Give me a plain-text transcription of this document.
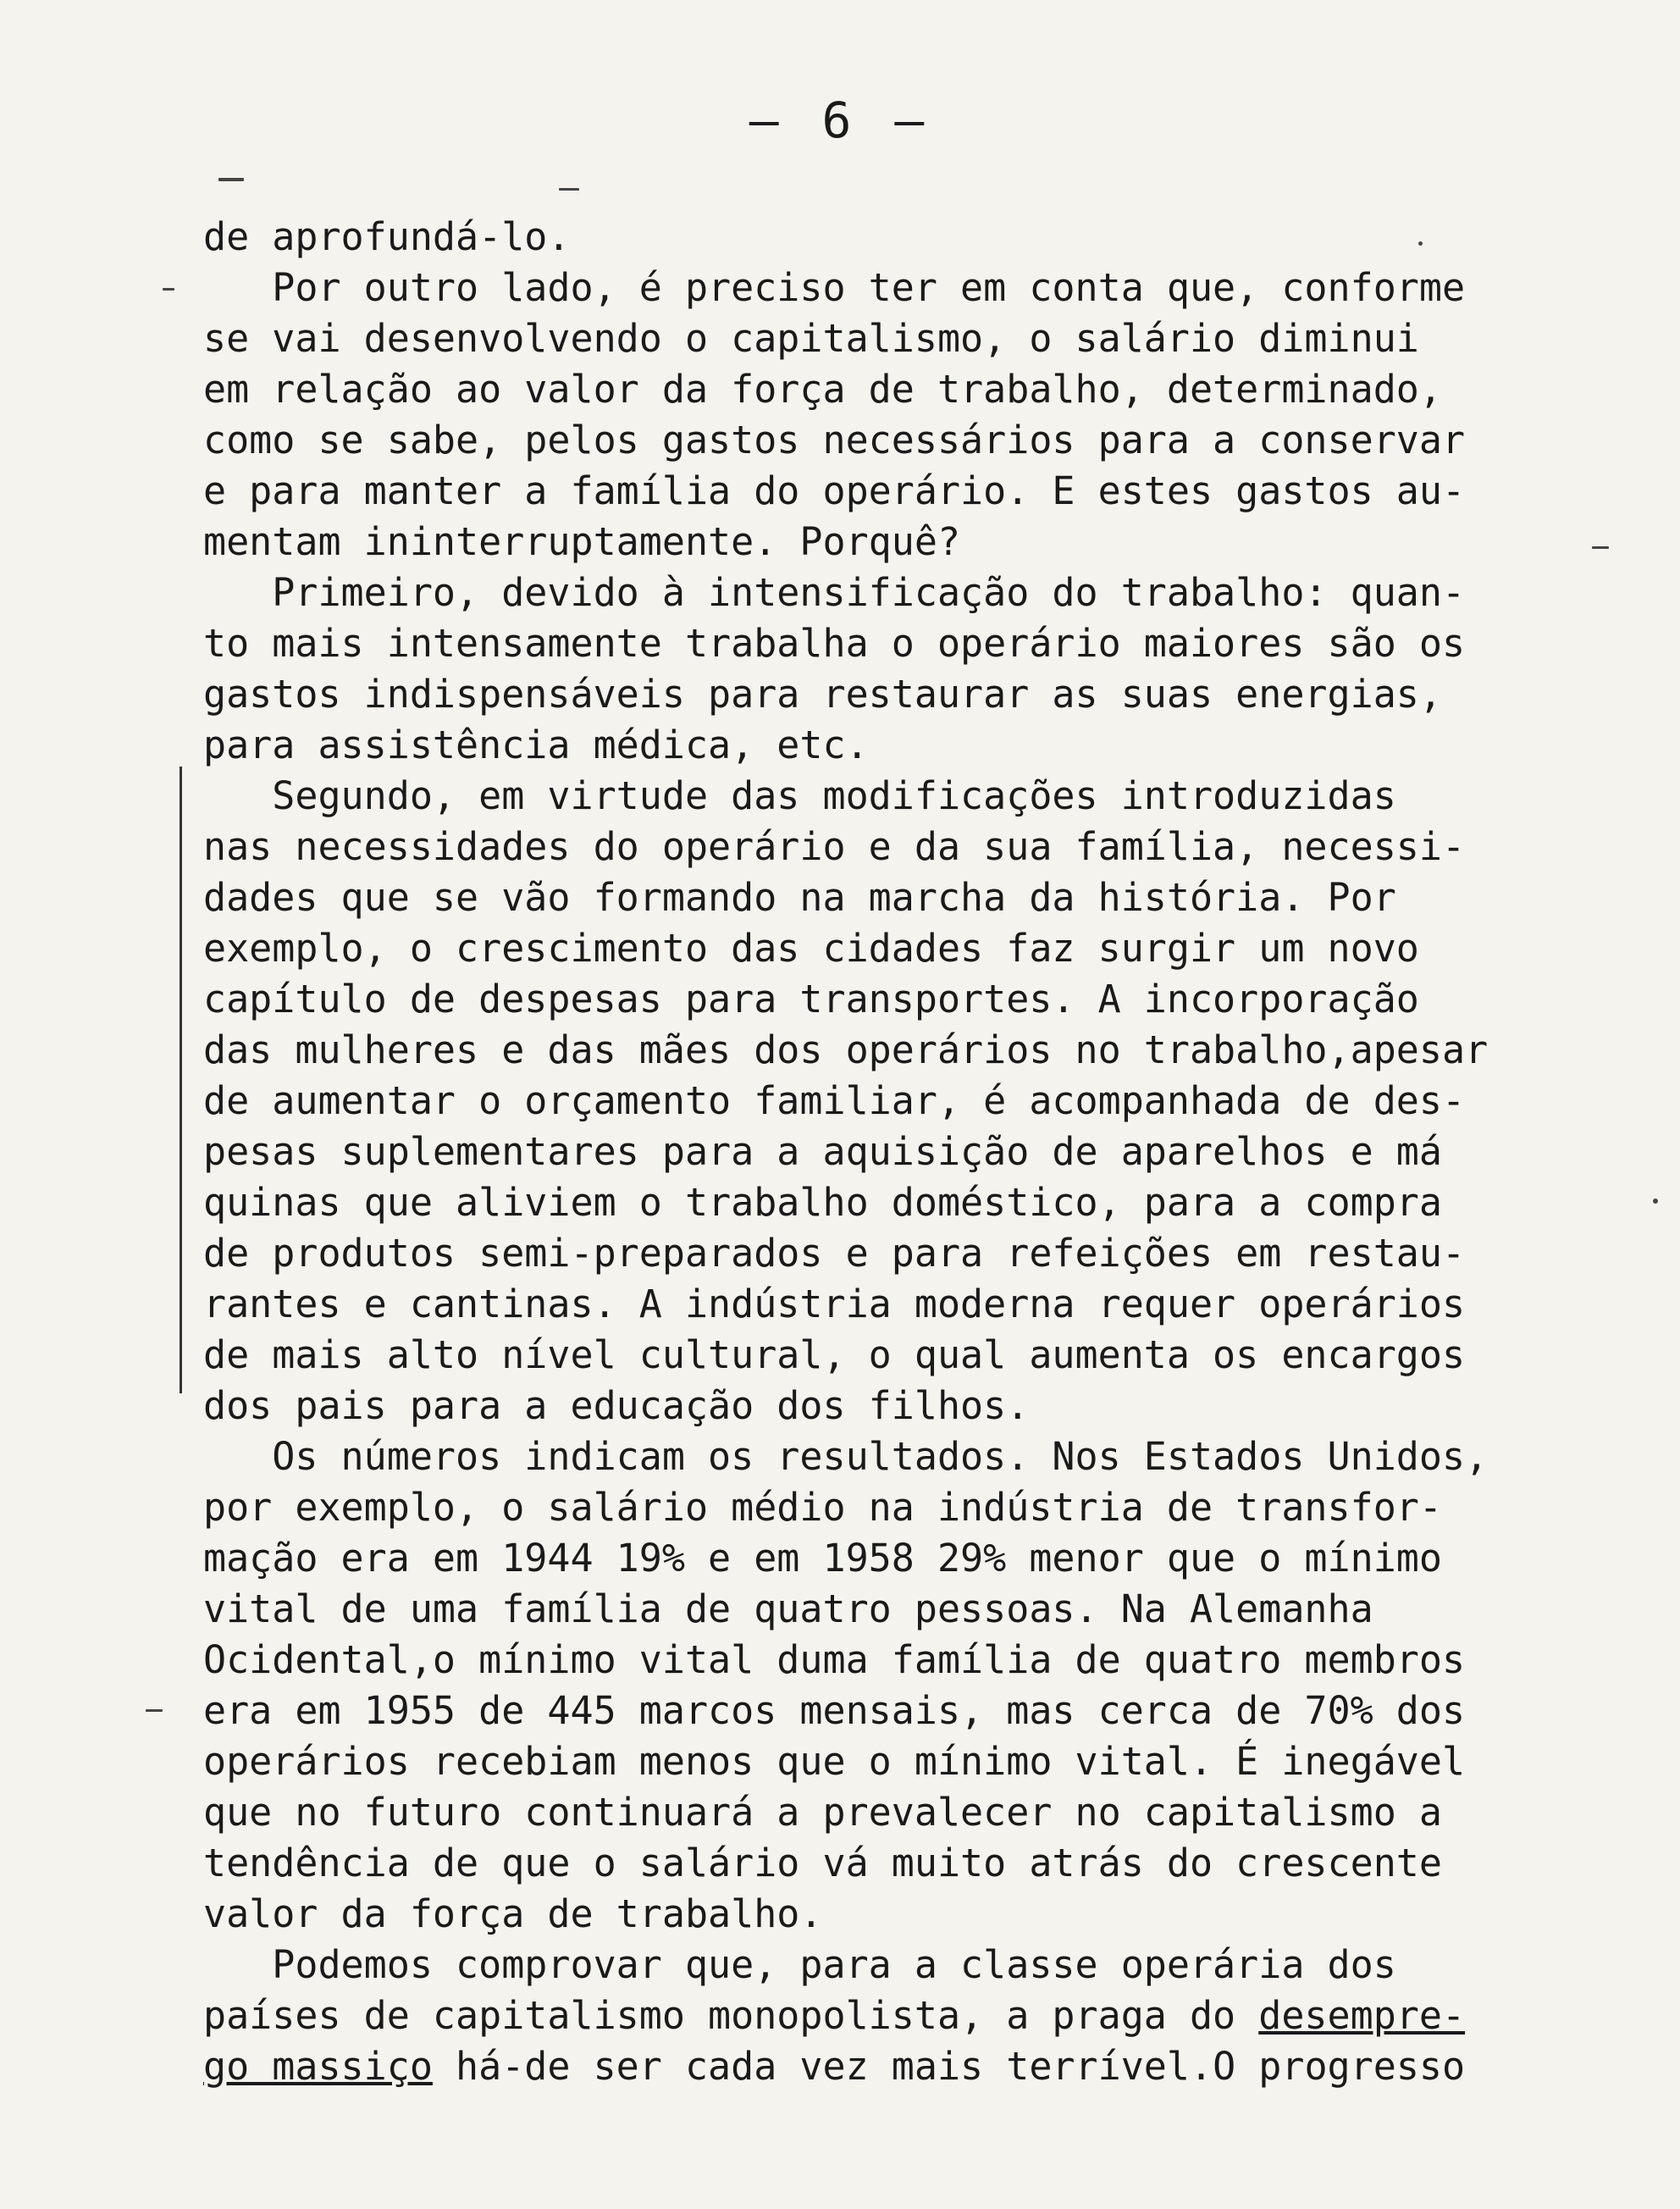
– 6 –
de aprofundá-lo.
Por outro lado, é preciso ter em conta que, conforme
se vai desenvolvendo o capitalismo, o salário diminui
em relação ao valor da força de trabalho, determinado,
como se sabe, pelos gastos necessários para a conservar
e para manter a família do operário. E estes gastos au-
mentam ininterruptamente. Porquê?
Primeiro, devido à intensificação do trabalho: quan-
to mais intensamente trabalha o operário maiores são os
gastos indispensáveis para restaurar as suas energias,
para assistência médica, etc.
Segundo, em virtude das modificações introduzidas
nas necessidades do operário e da sua família, necessi-
dades que se vão formando na marcha da história. Por
exemplo, o crescimento das cidades faz surgir um novo
capítulo de despesas para transportes. A incorporação
das mulheres e das mães dos operários no trabalho,apesar
de aumentar o orçamento familiar, é acompanhada de des-
pesas suplementares para a aquisição de aparelhos e má
quinas que aliviem o trabalho doméstico, para a compra
de produtos semi-preparados e para refeições em restau-
rantes e cantinas. A indústria moderna requer operários
de mais alto nível cultural, o qual aumenta os encargos
dos pais para a educação dos filhos.
Os números indicam os resultados. Nos Estados Unidos,
por exemplo, o salário médio na indústria de transfor-
mação era em 1944 19% e em 1958 29% menor que o mínimo
vital de uma família de quatro pessoas. Na Alemanha
Ocidental,o mínimo vital duma família de quatro membros
era em 1955 de 445 marcos mensais, mas cerca de 70% dos
operários recebiam menos que o mínimo vital. É inegável
que no futuro continuará a prevalecer no capitalismo a
tendência de que o salário vá muito atrás do crescente
valor da força de trabalho.
Podemos comprovar que, para a classe operária dos
países de capitalismo monopolista, a praga do desempre-
go massiço há-de ser cada vez mais terrível.O progresso
